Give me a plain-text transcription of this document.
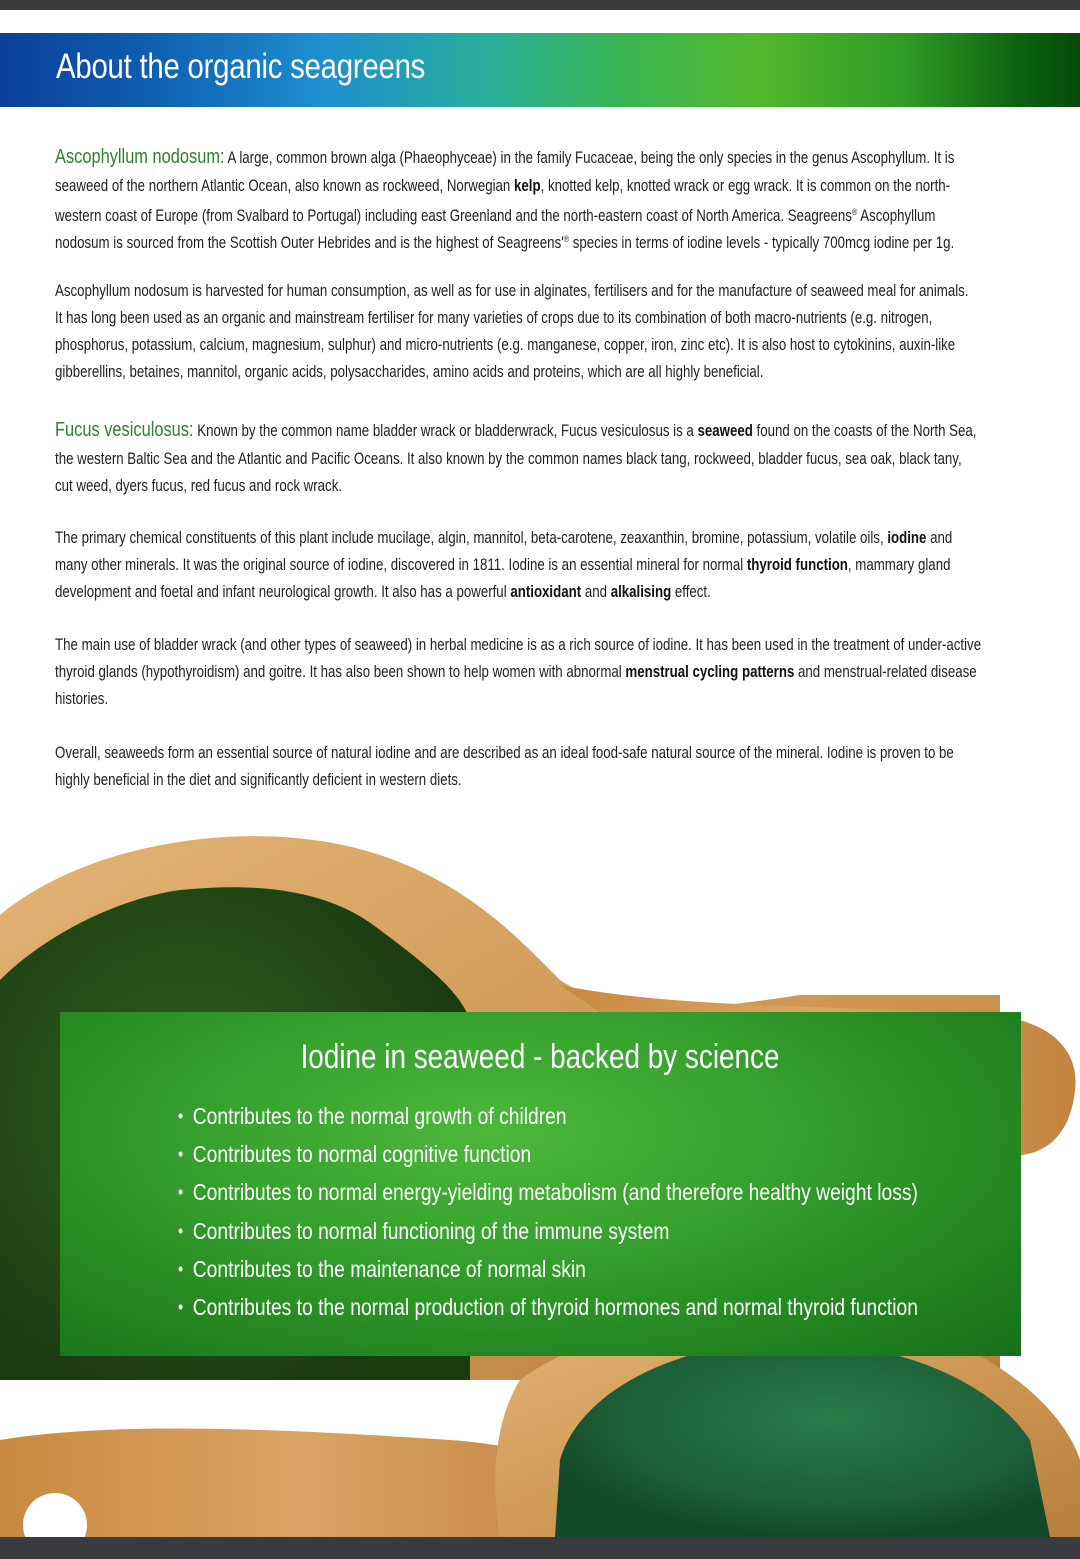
About the organic seagreens
Ascophyllum nodosum: A large, common brown alga (Phaeophyceae) in the family Fucaceae, being the only species in the genus Ascophyllum. It is
seaweed of the northern Atlantic Ocean, also known as rockweed, Norwegian kelp, knotted kelp, knotted wrack or egg wrack. It is common on the north-
western coast of Europe (from Svalbard to Portugal) including east Greenland and the north-eastern coast of North America. Seagreens® Ascophyllum
nodosum is sourced from the Scottish Outer Hebrides and is the highest of Seagreens'® species in terms of iodine levels - typically 700mcg iodine per 1g.
Ascophyllum nodosum is harvested for human consumption, as well as for use in alginates, fertilisers and for the manufacture of seaweed meal for animals.
It has long been used as an organic and mainstream fertiliser for many varieties of crops due to its combination of both macro-nutrients (e.g. nitrogen,
phosphorus, potassium, calcium, magnesium, sulphur) and micro-nutrients (e.g. manganese, copper, iron, zinc etc). It is also host to cytokinins, auxin-like
gibberellins, betaines, mannitol, organic acids, polysaccharides, amino acids and proteins, which are all highly beneficial.
Fucus vesiculosus: Known by the common name bladder wrack or bladderwrack, Fucus vesiculosus is a seaweed found on the coasts of the North Sea,
the western Baltic Sea and the Atlantic and Pacific Oceans. It also known by the common names black tang, rockweed, bladder fucus, sea oak, black tany,
cut weed, dyers fucus, red fucus and rock wrack.
The primary chemical constituents of this plant include mucilage, algin, mannitol, beta-carotene, zeaxanthin, bromine, potassium, volatile oils, iodine and
many other minerals. It was the original source of iodine, discovered in 1811. Iodine is an essential mineral for normal thyroid function, mammary gland
development and foetal and infant neurological growth. It also has a powerful antioxidant and alkalising effect.
The main use of bladder wrack (and other types of seaweed) in herbal medicine is as a rich source of iodine. It has been used in the treatment of under-active
thyroid glands (hypothyroidism) and goitre. It has also been shown to help women with abnormal menstrual cycling patterns and menstrual-related disease
histories.
Overall, seaweeds form an essential source of natural iodine and are described as an ideal food-safe natural source of the mineral. Iodine is proven to be
highly beneficial in the diet and significantly deficient in western diets.
Iodine in seaweed - backed by science
• Contributes to the normal growth of children
• Contributes to normal cognitive function
• Contributes to normal energy-yielding metabolism (and therefore healthy weight loss)
• Contributes to normal functioning of the immune system
• Contributes to the maintenance of normal skin
• Contributes to the normal production of thyroid hormones and normal thyroid function
